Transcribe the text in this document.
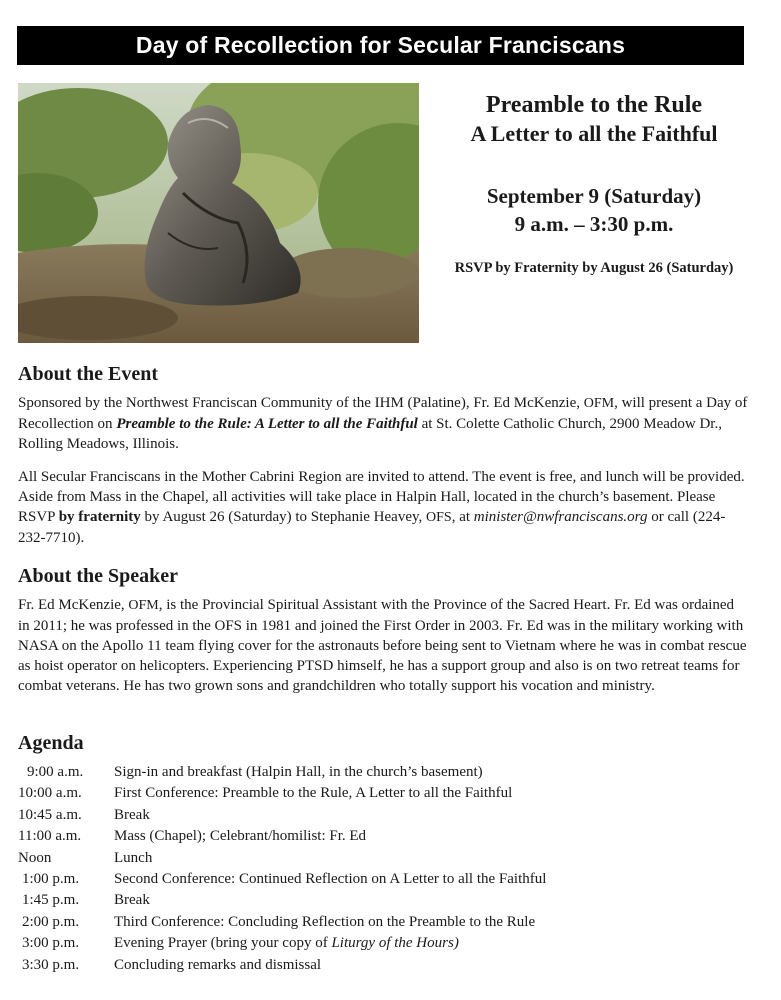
Day of Recollection for Secular Franciscans
Preamble to the Rule
A Letter to all the Faithful
September 9 (Saturday)
9 a.m. – 3:30 p.m.
RSVP by Fraternity by August 26 (Saturday)
About the Event

Sponsored by the Northwest Franciscan Community of the IHM (Palatine), Fr. Ed McKenzie, OFM, will present a Day of Recollection on Preamble to the Rule: A Letter to all the Faithful at St. Colette Catholic Church, 2900 Meadow Dr., Rolling Meadows, Illinois.

All Secular Franciscans in the Mother Cabrini Region are invited to attend. The event is free, and lunch will be provided. Aside from Mass in the Chapel, all activities will take place in Halpin Hall, located in the church’s basement. Please RSVP by fraternity by August 26 (Saturday) to Stephanie Heavey, OFS, at minister@nwfranciscans.org or call (224-232-7710).

About the Speaker

Fr. Ed McKenzie, OFM, is the Provincial Spiritual Assistant with the Province of the Sacred Heart. Fr. Ed was ordained in 2011; he was professed in the OFS in 1981 and joined the First Order in 2003. Fr. Ed was in the military working with NASA on the Apollo 11 team flying cover for the astronauts before being sent to Vietnam where he was in combat rescue as hoist operator on helicopters. Experiencing PTSD himself, he has a support group and also is on two retreat teams for combat veterans. He has two grown sons and grandchildren who totally support his vocation and ministry.

Agenda
9:00 a.m.	Sign-in and breakfast (Halpin Hall, in the church’s basement)
10:00 a.m.	First Conference: Preamble to the Rule, A Letter to all the Faithful
10:45 a.m.	Break
11:00 a.m.	Mass (Chapel); Celebrant/homilist: Fr. Ed
Noon	Lunch
1:00 p.m.	Second Conference: Continued Reflection on A Letter to all the Faithful
1:45 p.m.	Break
2:00 p.m.	Third Conference: Concluding Reflection on the Preamble to the Rule
3:00 p.m.	Evening Prayer (bring your copy of Liturgy of the Hours)
3:30 p.m.	Concluding remarks and dismissal
